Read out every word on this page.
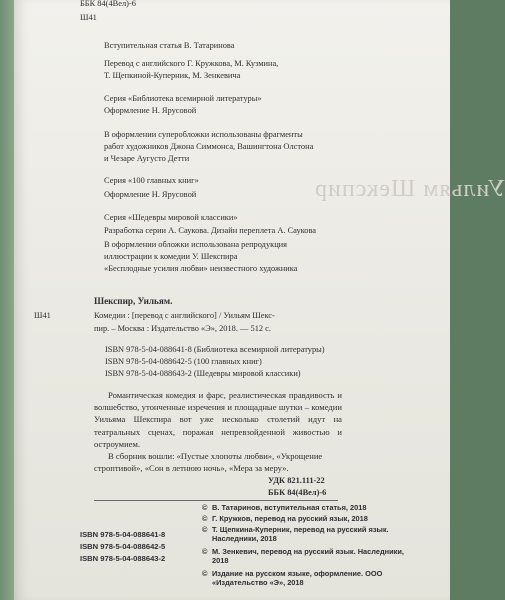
ББК 84(4Вел)-6
Ш41
Вступительная статья В. Татаринова
Перевод с английского Г. Кружкова, М. Кузмина,
Т. Щепкиной-Куперник, М. Зенкевича
Серия «Библиотека всемирной литературы»
Оформление Н. Ярусовой
В оформлении суперобложки использованы фрагменты
работ художников Джона Симмонса, Вашингтона Олстона
и Чезаре Аугусто Детти
Уильям Шекспир
Серия «100 главных книг»
Оформление Н. Ярусовой
Серия «Шедевры мировой классики»
Разработка серии А. Саукова. Дизайн переплета А. Саукова
В оформлении обложки использована репродукция
иллюстрации к комедии У. Шекспира
«Бесплодные усилия любви» неизвестного художника
Шекспир, Уильям.
Ш41	Комедии : [перевод с английского] / Уильям Шекс-
пир. – Москва : Издательство «Э», 2018. — 512 с.
ISBN 978-5-04-088641-8 (Библиотека всемирной литературы)
ISBN 978-5-04-088642-5 (100 главных книг)
ISBN 978-5-04-088643-2 (Шедевры мировой классики)
Романтическая комедия и фарс, реалистическая правдивость и волшебство, утонченные изречения и площадные шутки – комедии Уильяма Шекспира вот уже несколько столетий идут на театральных сценах, поражая непревзойденной живостью и остроумием.
В сборник вошли: «Пустые хлопоты любви», «Укрощение строптивой», «Сон в летнюю ночь», «Мера за меру».
УДК 821.111-22
ББК 84(4Вел)-6
ISBN 978-5-04-088641-8
ISBN 978-5-04-088642-5
ISBN 978-5-04-088643-2
© В. Татаринов, вступительная статья, 2018
© Г. Кружков, перевод на русский язык, 2018
© Т. Щепкина-Куперник, перевод на русский язык. Наследники, 2018
© М. Зенкевич, перевод на русский язык. Наследники, 2018
© Издание на русском языке, оформление. ООО «Издательство «Э», 2018
